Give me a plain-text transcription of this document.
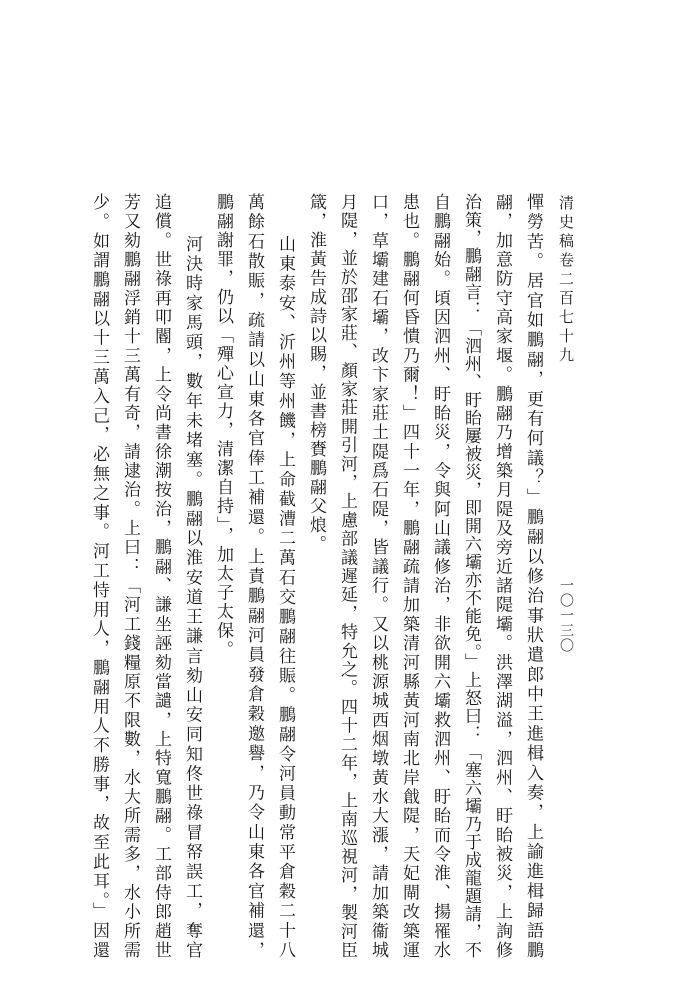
清史稿卷二百七十九
一〇一三〇
憚勞苦。居官如鵬翮，更有何議？」鵬翮以修治事狀遣郎中王進楫入奏，上諭進楫歸語鵬
翮，加意防守高家堰。鵬翮乃增築月隄及旁近諸隄壩。洪澤湖溢，泗州、盱眙被災，上詢修
治策，鵬翮言：「泗州、盱眙屢被災，即開六壩亦不能免。」上怒曰：「塞六壩乃于成龍題請，不
自鵬翮始。頃因泗州、盱眙災，令與阿山議修治，非欲開六壩救泗州、盱眙而令淮、揚罹水
患也。鵬翮何昏憒乃爾！」四十一年，鵬翮疏請加築清河縣黃河南北岸戧隄，天妃閘改築運
口，草壩建石壩，改卞家莊土隄爲石隄，皆議行。又以桃源城西烟墩黃水大漲，請加築衞城
月隄，並於邵家莊、顏家莊開引河，上慮部議遲延，特允之。四十二年，上南巡視河，製河臣
箴，淮黃告成詩以賜，並書榜賚鵬翮父烺。
山東泰安、沂州等州饑，上命截漕二萬石交鵬翮往賑。鵬翮令河員動常平倉穀二十八
萬餘石散賑，疏請以山東各官俸工補還。上責鵬翮河員發倉穀邀譽，乃令山東各官補還，
鵬翮謝罪，仍以「殫心宣力，清潔自持」，加太子太保。
河決時家馬頭，數年未堵塞。鵬翮以淮安道王謙言劾山安同知佟世祿冒帑誤工，奪官
追償。世祿再叩閽，上令尚書徐潮按治，鵬翮、謙坐誣劾當譴，上特寬鵬翮。工部侍郎趙世
芳又劾鵬翮浮銷十三萬有奇，請逮治。上曰：「河工錢糧原不限數，水大所需多，水小所需
少。如謂鵬翮以十三萬入己，必無之事。河工恃用人，鵬翮用人不勝事，故至此耳。」因還
